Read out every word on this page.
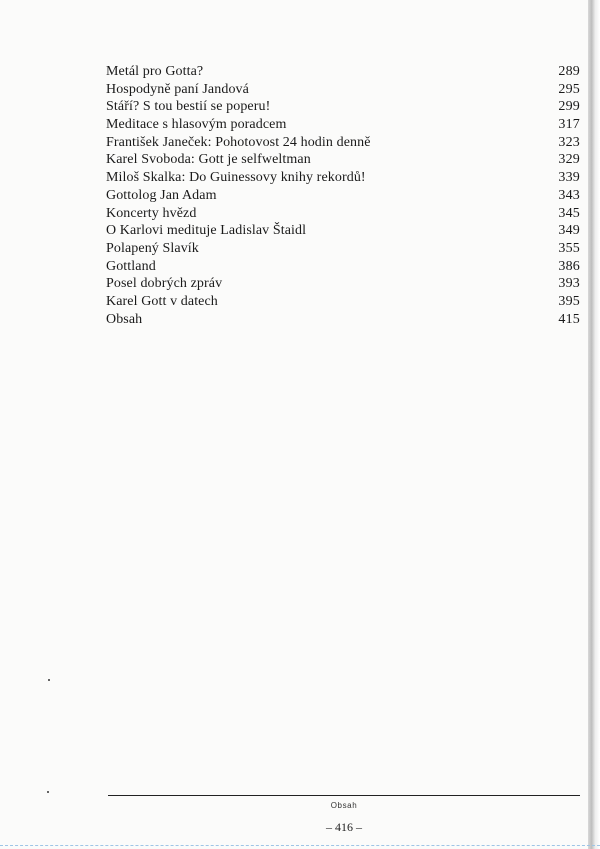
Metál pro Gotta?	289
Hospodyně paní Jandová	295
Stáří? S tou bestií se poperu!	299
Meditace s hlasovým poradcem	317
František Janeček: Pohotovost 24 hodin denně	323
Karel Svoboda: Gott je selfweltman	329
Miloš Skalka: Do Guinessovy knihy rekordů!	339
Gottolog Jan Adam	343
Koncerty hvězd	345
O Karlovi medituje Ladislav Štaidl	349
Polapený Slavík	355
Gottland	386
Posel dobrých zpráv	393
Karel Gott v datech	395
Obsah	415
Obsah
– 416 –
